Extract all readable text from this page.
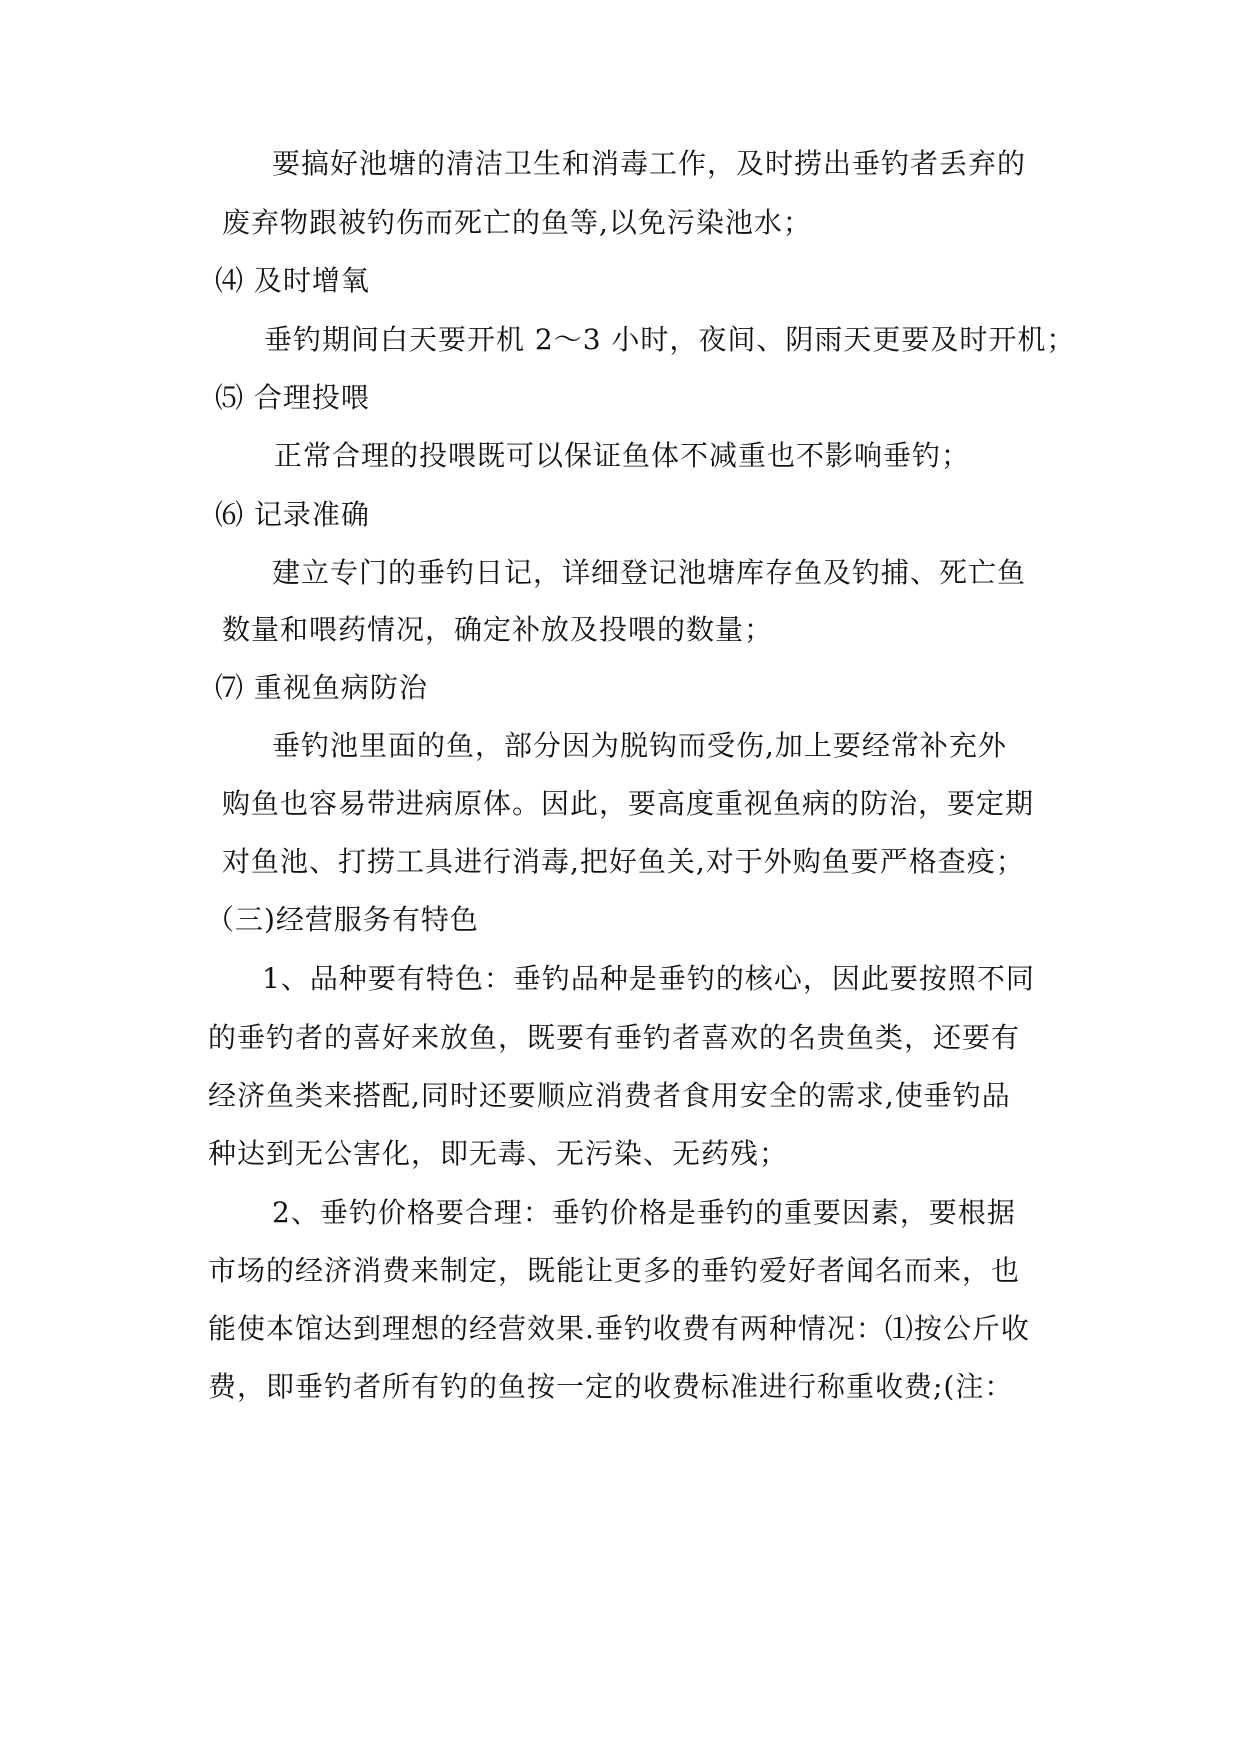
要搞好池塘的清洁卫生和消毒工作，及时捞出垂钓者丢弃的
废弃物跟被钓伤而死亡的鱼等,以免污染池水；
⑷ 及时增氧
垂钓期间白天要开机 2～3 小时，夜间、阴雨天更要及时开机；
⑸ 合理投喂
正常合理的投喂既可以保证鱼体不减重也不影响垂钓；
⑹ 记录准确
建立专门的垂钓日记，详细登记池塘库存鱼及钓捕、死亡鱼
数量和喂药情况，确定补放及投喂的数量；
⑺ 重视鱼病防治
垂钓池里面的鱼，部分因为脱钩而受伤,加上要经常补充外
购鱼也容易带进病原体。因此，要高度重视鱼病的防治，要定期
对鱼池、打捞工具进行消毒,把好鱼关,对于外购鱼要严格查疫；
（三)经营服务有特色
1、品种要有特色：垂钓品种是垂钓的核心，因此要按照不同
的垂钓者的喜好来放鱼，既要有垂钓者喜欢的名贵鱼类，还要有
经济鱼类来搭配,同时还要顺应消费者食用安全的需求,使垂钓品
种达到无公害化，即无毒、无污染、无药残；
2、垂钓价格要合理：垂钓价格是垂钓的重要因素，要根据
市场的经济消费来制定，既能让更多的垂钓爱好者闻名而来，也
能使本馆达到理想的经营效果.垂钓收费有两种情况：⑴按公斤收
费，即垂钓者所有钓的鱼按一定的收费标准进行称重收费;(注：
